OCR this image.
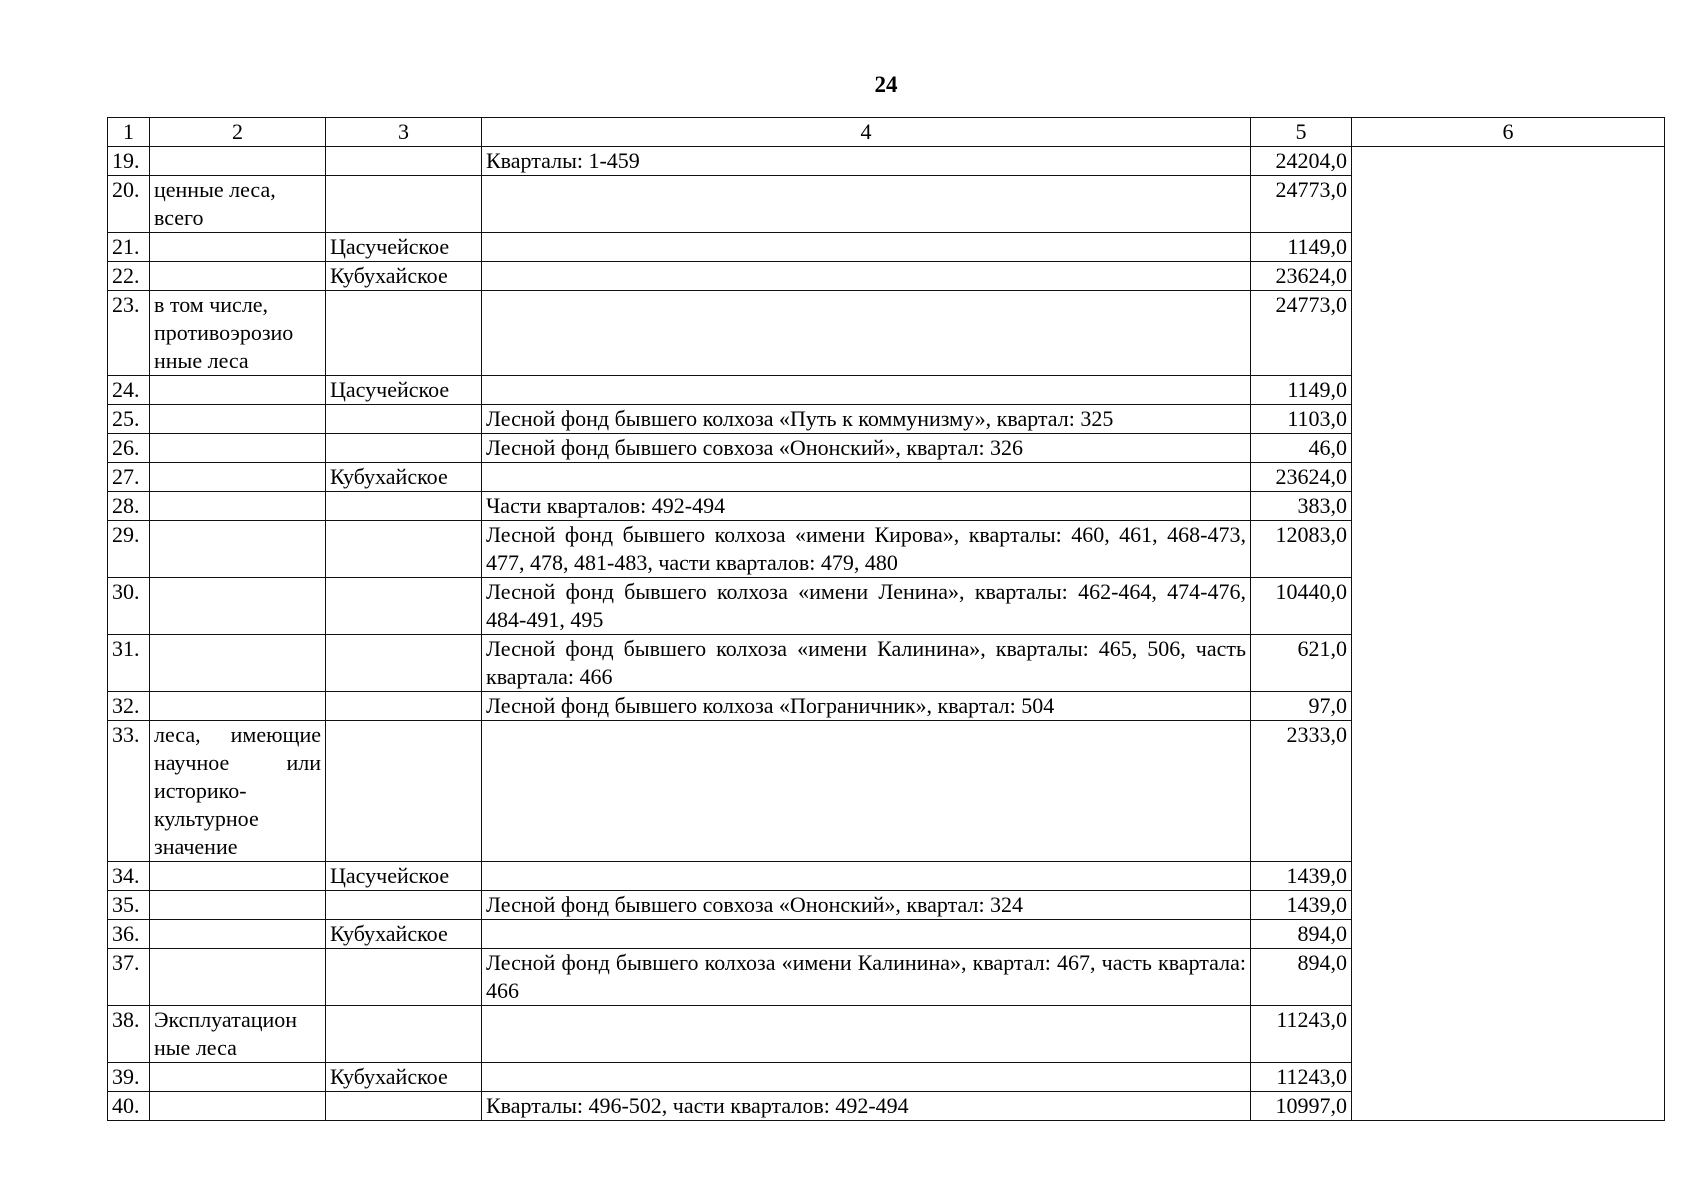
24
1	2	3	4	5	6
19.			Кварталы: 1-459	24204,0	
20.	ценные леса, всего			24773,0	
21.		Цасучейское		1149,0	
22.		Кубухайское		23624,0	
23.	в том числе, противоэрозио нные леса			24773,0	
24.		Цасучейское		1149,0	
25.			Лесной фонд бывшего колхоза «Путь к коммунизму», квартал: 325	1103,0	
26.			Лесной фонд бывшего совхоза «Ононский», квартал: 326	46,0	
27.		Кубухайское		23624,0	
28.			Части кварталов: 492-494	383,0	
29.			Лесной фонд бывшего колхоза «имени Кирова», кварталы: 460, 461, 468-473, 477, 478, 481-483, части кварталов: 479, 480	12083,0	
30.			Лесной фонд бывшего колхоза «имени Ленина», кварталы: 462-464, 474-476, 484-491, 495	10440,0	
31.			Лесной фонд бывшего колхоза «имени Калинина», кварталы: 465, 506, часть квартала: 466	621,0	
32.			Лесной фонд бывшего колхоза «Пограничник», квартал: 504	97,0	
33.	леса, имеющие научное или историко-культурное значение			2333,0	
34.		Цасучейское		1439,0	
35.			Лесной фонд бывшего совхоза «Ононский», квартал: 324	1439,0	
36.		Кубухайское		894,0	
37.			Лесной фонд бывшего колхоза «имени Калинина», квартал: 467, часть квартала: 466	894,0	
38.	Эксплуатацион ные леса			11243,0	
39.		Кубухайское		11243,0	
40.			Кварталы: 496-502, части кварталов: 492-494	10997,0	
